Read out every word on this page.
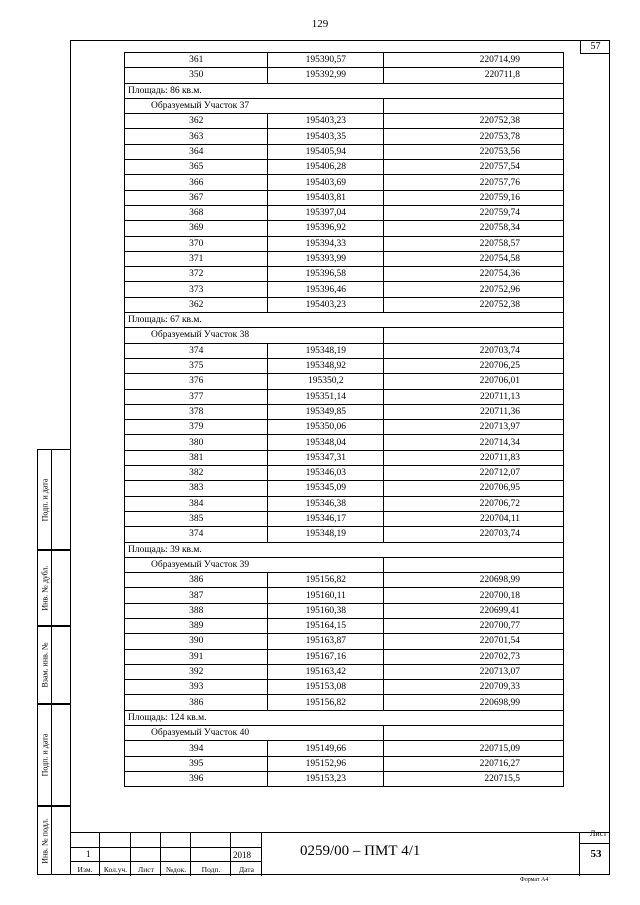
129
57
361	195390,57	220714,99
350	195392,99	220711,8
Площадь: 86 кв.м.		
Образуемый Участок 37		
362	195403,23	220752,38
363	195403,35	220753,78
364	195405,94	220753,56
365	195406,28	220757,54
366	195403,69	220757,76
367	195403,81	220759,16
368	195397,04	220759,74
369	195396,92	220758,34
370	195394,33	220758,57
371	195393,99	220754,58
372	195396,58	220754,36
373	195396,46	220752,96
362	195403,23	220752,38
Площадь: 67 кв.м.		
Образуемый Участок 38		
374	195348,19	220703,74
375	195348,92	220706,25
376	195350,2	220706,01
377	195351,14	220711,13
378	195349,85	220711,36
379	195350,06	220713,97
380	195348,04	220714,34
381	195347,31	220711,83
382	195346,03	220712,07
383	195345,09	220706,95
384	195346,38	220706,72
385	195346,17	220704,11
374	195348,19	220703,74
Площадь: 39 кв.м.		
Образуемый Участок 39		
386	195156,82	220698,99
387	195160,11	220700,18
388	195160,38	220699,41
389	195164,15	220700,77
390	195163,87	220701,54
391	195167,16	220702,73
392	195163,42	220713,07
393	195153,08	220709,33
386	195156,82	220698,99
Площадь: 124 кв.м.		
Образуемый Участок 40		
394	195149,66	220715,09
395	195152,96	220716,27
396	195153,23	220715,5
Подп. и дата
Инв. № дубл.
Взам. инв. №
Подп. и дата
Инв. № подл.	1	2018
Изм.	Кол.уч.	Лист	№док.	Подп.	Дата
0259/00 – ПМТ 4/1
Лист
53
Формат А4
